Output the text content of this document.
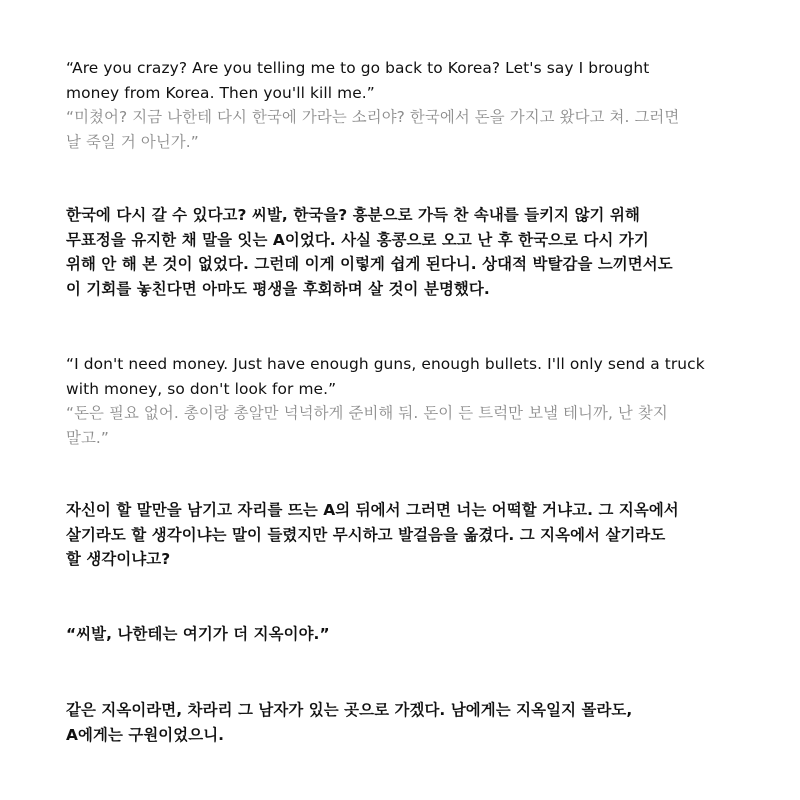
“Are you crazy? Are you telling me to go back to Korea? Let's say I brought
money from Korea. Then you'll kill me.”
“미쳤어? 지금 나한테 다시 한국에 가라는 소리야? 한국에서 돈을 가지고 왔다고 쳐. 그러면
날 죽일 거 아닌가.”
한국에 다시 갈 수 있다고? 씨발, 한국을? 흥분으로 가득 찬 속내를 들키지 않기 위해
무표정을 유지한 채 말을 잇는 A이었다. 사실 홍콩으로 오고 난 후 한국으로 다시 가기
위해 안 해 본 것이 없었다. 그런데 이게 이렇게 쉽게 된다니. 상대적 박탈감을 느끼면서도
이 기회를 놓친다면 아마도 평생을 후회하며 살 것이 분명했다.
“I don't need money. Just have enough guns, enough bullets. I'll only send a truck
with money, so don't look for me.”
“돈은 필요 없어. 총이랑 총알만 넉넉하게 준비해 둬. 돈이 든 트럭만 보낼 테니까, 난 찾지
말고.”
자신이 할 말만을 남기고 자리를 뜨는 A의 뒤에서 그러면 너는 어떡할 거냐고. 그 지옥에서
살기라도 할 생각이냐는 말이 들렸지만 무시하고 발걸음을 옮겼다. 그 지옥에서 살기라도
할 생각이냐고?
“씨발, 나한테는 여기가 더 지옥이야.”
같은 지옥이라면, 차라리 그 남자가 있는 곳으로 가겠다. 남에게는 지옥일지 몰라도,
A에게는 구원이었으니.
